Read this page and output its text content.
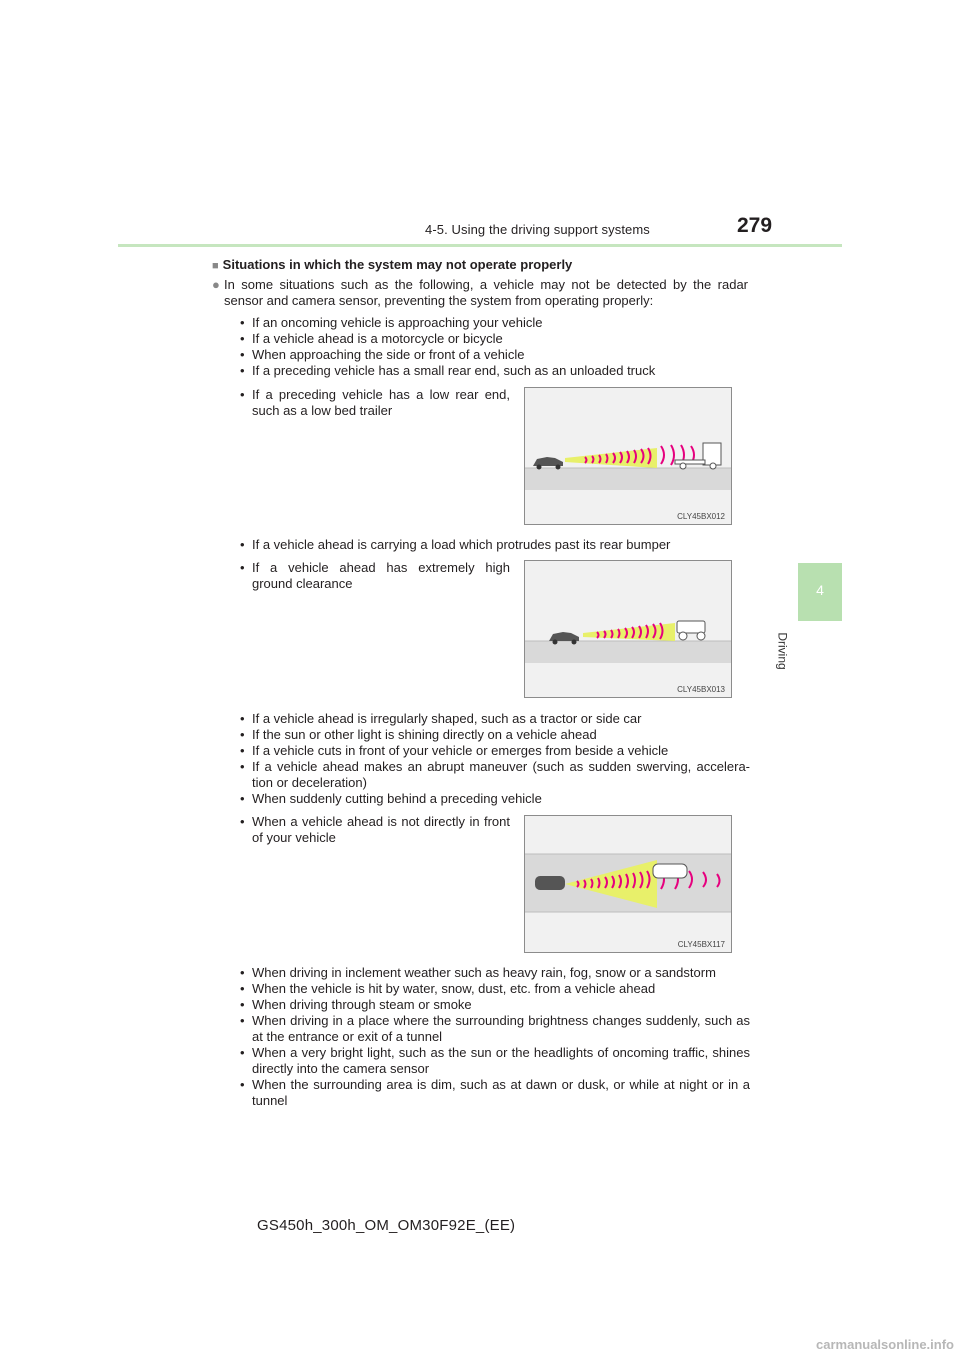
4-5. Using the driving support systems	279
4
Driving
■ Situations in which the system may not operate properly
● In some situations such as the following, a vehicle may not be detected by the radar sensor and camera sensor, preventing the system from operating properly:
• If an oncoming vehicle is approaching your vehicle
• If a vehicle ahead is a motorcycle or bicycle
• When approaching the side or front of a vehicle
• If a preceding vehicle has a small rear end, such as an unloaded truck
• If a preceding vehicle has a low rear end, such as a low bed trailer
CLY45BX012
• If a vehicle ahead is carrying a load which protrudes past its rear bumper
• If a vehicle ahead has extremely high ground clearance
CLY45BX013
• If a vehicle ahead is irregularly shaped, such as a tractor or side car
• If the sun or other light is shining directly on a vehicle ahead
• If a vehicle cuts in front of your vehicle or emerges from beside a vehicle
• If a vehicle ahead makes an abrupt maneuver (such as sudden swerving, accelera-tion or deceleration)
• When suddenly cutting behind a preceding vehicle
• When a vehicle ahead is not directly in front of your vehicle
CLY45BX117
• When driving in inclement weather such as heavy rain, fog, snow or a sandstorm
• When the vehicle is hit by water, snow, dust, etc. from a vehicle ahead
• When driving through steam or smoke
• When driving in a place where the surrounding brightness changes suddenly, such as at the entrance or exit of a tunnel
• When a very bright light, such as the sun or the headlights of oncoming traffic, shines directly into the camera sensor
• When the surrounding area is dim, such as at dawn or dusk, or while at night or in a tunnel
GS450h_300h_OM_OM30F92E_(EE)
carmanualsonline.info
